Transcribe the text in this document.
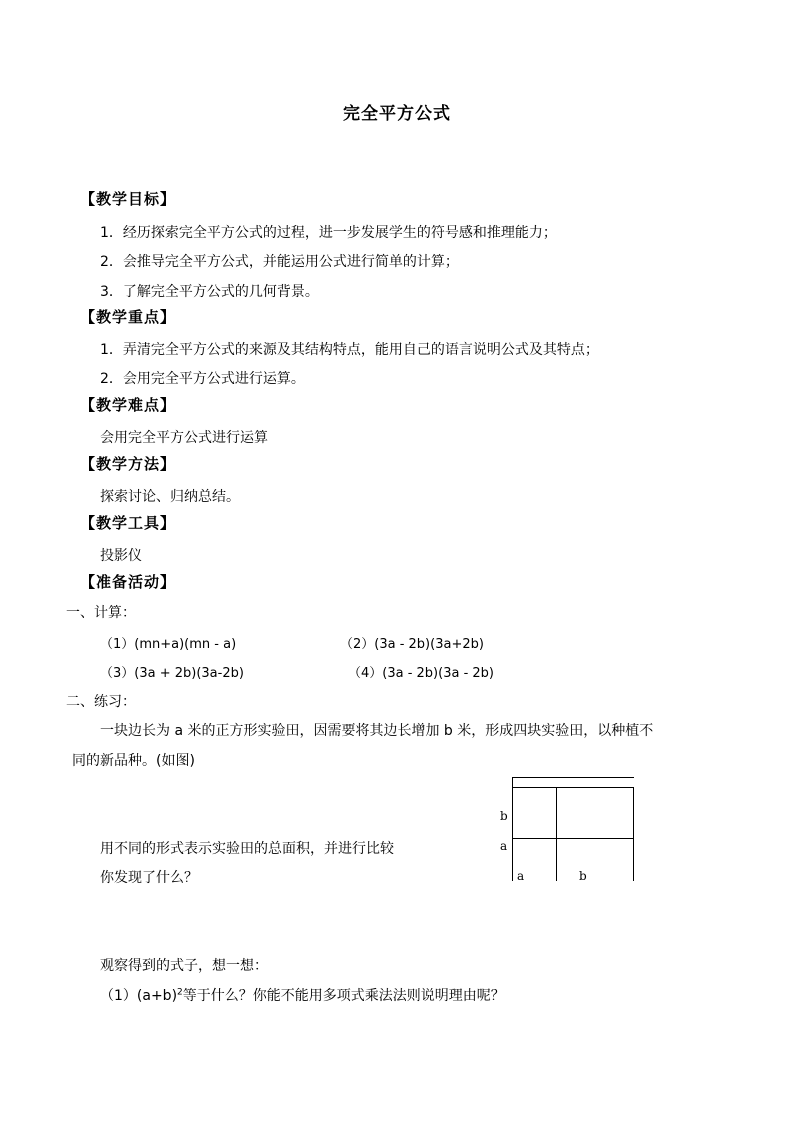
完全平方公式
【教学目标】
1．经历探索完全平方公式的过程，进一步发展学生的符号感和推理能力；
2．会推导完全平方公式，并能运用公式进行简单的计算；
3．了解完全平方公式的几何背景。
【教学重点】
1．弄清完全平方公式的来源及其结构特点，能用自己的语言说明公式及其特点；
2．会用完全平方公式进行运算。
【教学难点】
会用完全平方公式进行运算
【教学方法】
探索讨论、归纳总结。
【教学工具】
投影仪
【准备活动】
一、计算：
（1）(mn+a)(mn - a)	（2）(3a - 2b)(3a+2b)
（3）(3a + 2b)(3a-2b)	（4）(3a - 2b)(3a - 2b)
二、练习：
一块边长为 a 米的正方形实验田，因需要将其边长增加 b 米，形成四块实验田，以种植不
同的新品种。(如图)
b
a
a	b
用不同的形式表示实验田的总面积，并进行比较
你发现了什么？
观察得到的式子，想一想：
$(1)(a+b)^2$等于什么？你能不能用多项式乘法法则说明理由呢？
